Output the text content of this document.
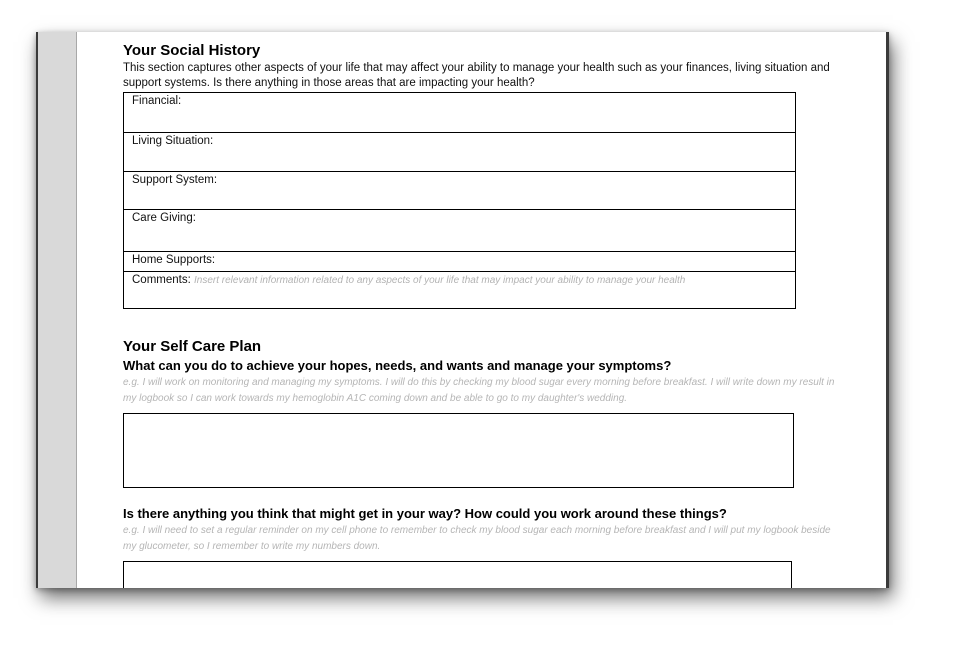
Your Social History
This section captures other aspects of your life that may affect your ability to manage your health such as your finances, living situation and support systems. Is there anything in those areas that are impacting your health?
Financial:
Living Situation:
Support System:
Care Giving:
Home Supports:
Comments: Insert relevant information related to any aspects of your life that may impact your ability to manage your health
Your Self Care Plan
What can you do to achieve your hopes, needs, and wants and manage your symptoms?
e.g. I will work on monitoring and managing my symptoms. I will do this by checking my blood sugar every morning before breakfast. I will write down my result in my logbook so I can work towards my hemoglobin A1C coming down and be able to go to my daughter's wedding.
Is there anything you think that might get in your way? How could you work around these things?
e.g. I will need to set a regular reminder on my cell phone to remember to check my blood sugar each morning before breakfast and I will put my logbook beside my glucometer, so I remember to write my numbers down.
